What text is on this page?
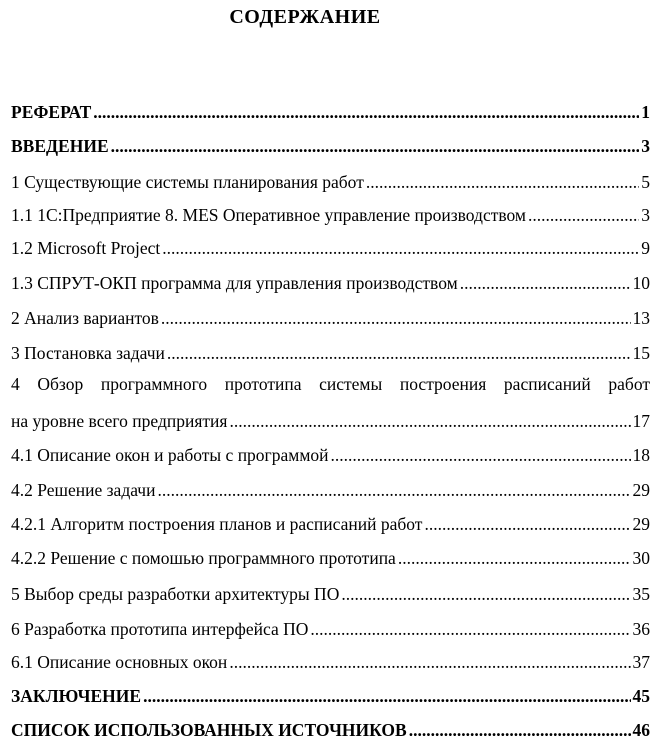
СОДЕРЖАНИЕ
РЕФЕРАТ .....	1
ВВЕДЕНИЕ .....	3
1 Существующие системы планирования работ .....	5
1.1 1С:Предприятие 8. MES Оперативное управление производством .....	3
1.2 Microsoft Project .....	9
1.3 СПРУТ-ОКП программа для управления производством .....	10
2 Анализ вариантов .....	13
3 Постановка задачи .....	15
4 Обзор программного прототипа системы построения расписаний работ
на уровне всего предприятия .....	17
4.1 Описание окон и работы с программой .....	18
4.2 Решение задачи .....	29
4.2.1 Алгоритм построения планов и расписаний работ .....	29
4.2.2 Решение с помошью программного прототипа .....	30
5 Выбор среды разработки архитектуры ПО .....	35
6 Разработка прототипа интерфейса ПО .....	36
6.1 Описание основных окон .....	37
ЗАКЛЮЧЕНИЕ .....	45
СПИСОК ИСПОЛЬЗОВАННЫХ ИСТОЧНИКОВ .....	46
